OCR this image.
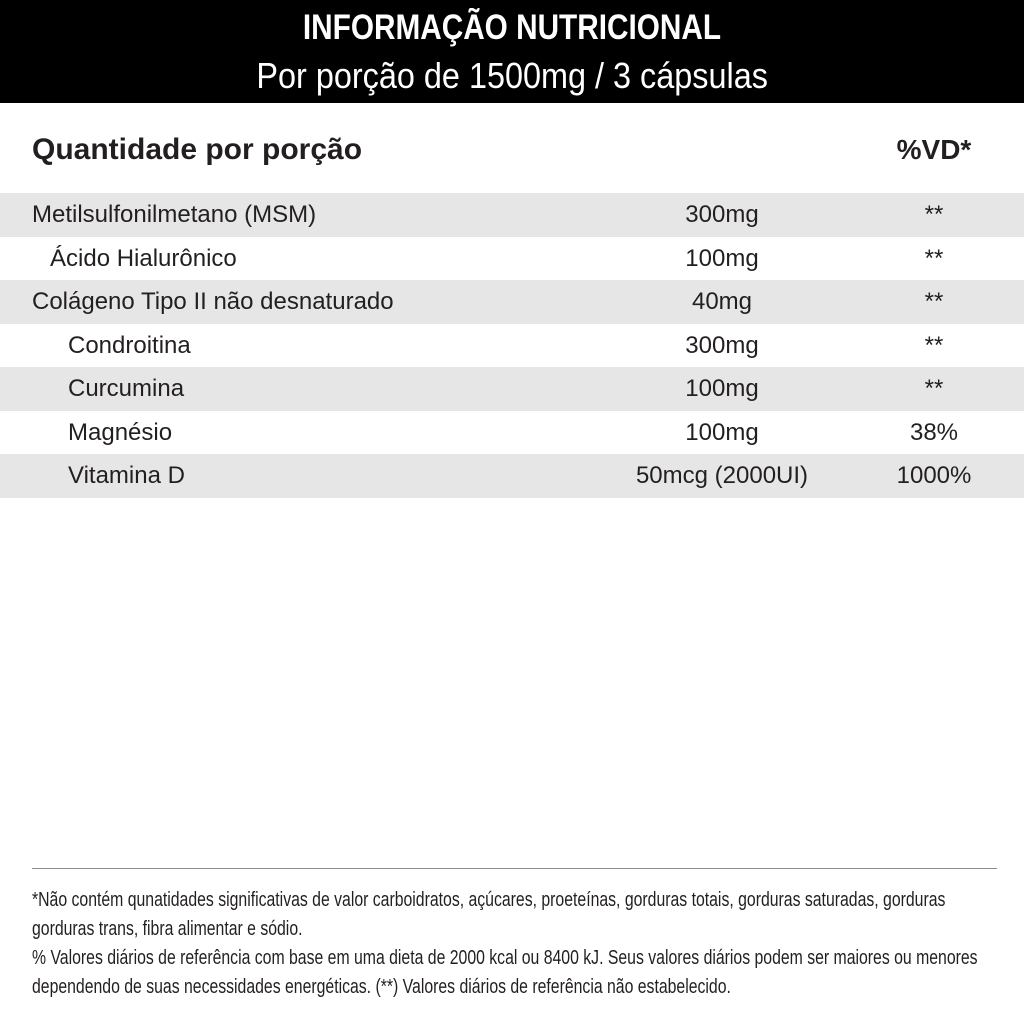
INFORMAÇÃO NUTRICIONAL
Por porção de 1500mg / 3 cápsulas
Quantidade por porção	%VD*
Metilsulfonilmetano (MSM)	300mg	**
Ácido Hialurônico	100mg	**
Colágeno Tipo II não desnaturado	40mg	**
Condroitina	300mg	**
Curcumina	100mg	**
Magnésio	100mg	38%
Vitamina D	50mcg (2000UI)	1000%
*Não contém qunatidades significativas de valor carboidratos, açúcares, proeteínas, gorduras totais, gorduras saturadas, gorduras
gorduras trans, fibra alimentar e sódio.
% Valores diários de referência com base em uma dieta de 2000 kcal ou 8400 kJ. Seus valores diários podem ser maiores ou menores
dependendo de suas necessidades energéticas. (**) Valores diários de referência não estabelecido.
